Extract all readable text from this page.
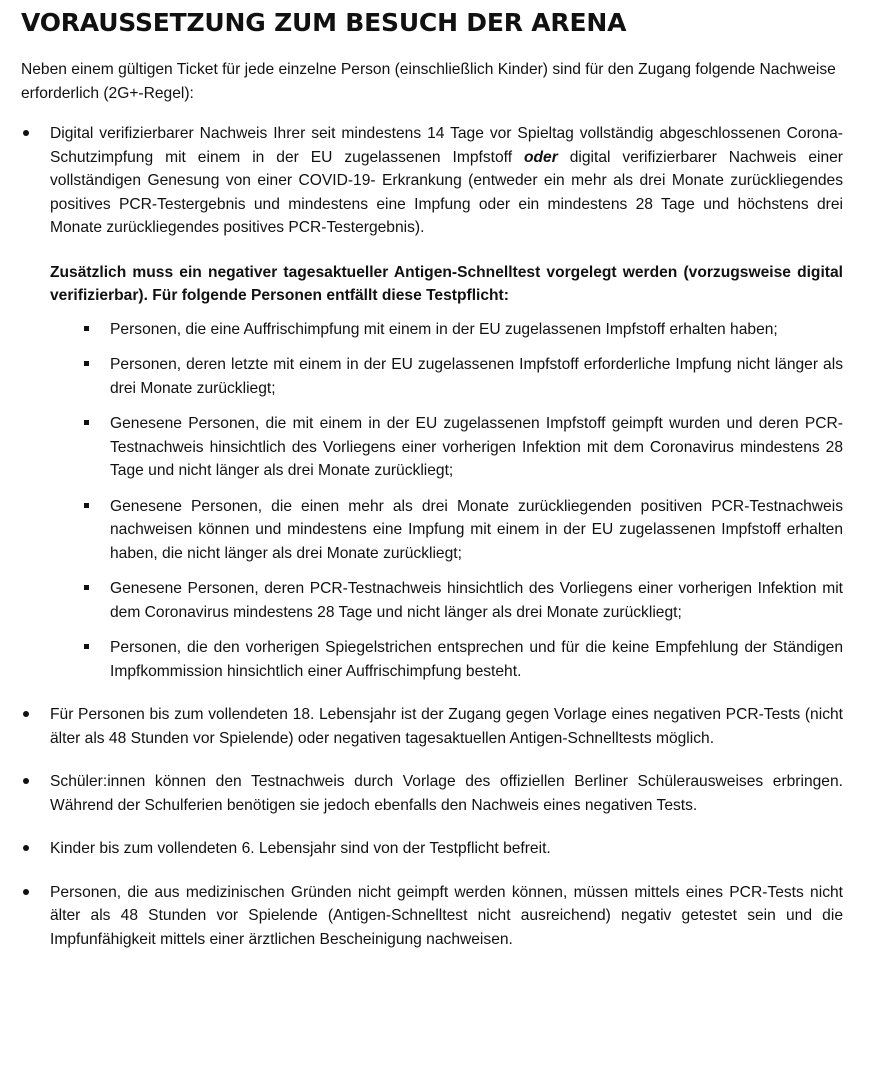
VORAUSSETZUNG ZUM BESUCH DER ARENA

Neben einem gültigen Ticket für jede einzelne Person (einschließlich Kinder) sind für den Zugang folgende Nachweise erforderlich (2G+-Regel):

Digital verifizierbarer Nachweis Ihrer seit mindestens 14 Tage vor Spieltag vollständig abgeschlossenen Corona-Schutzimpfung mit einem in der EU zugelassenen Impfstoff oder digital verifizierbarer Nachweis einer vollständigen Genesung von einer COVID-19- Erkrankung (entweder ein mehr als drei Monate zurückliegendes positives PCR-Testergebnis und mindestens eine Impfung oder ein mindestens 28 Tage und höchstens drei Monate zurückliegendes positives PCR-Testergebnis).

Zusätzlich muss ein negativer tagesaktueller Antigen-Schnelltest vorgelegt werden (vorzugsweise digital verifizierbar). Für folgende Personen entfällt diese Testpflicht:

Personen, die eine Auffrischimpfung mit einem in der EU zugelassenen Impfstoff erhalten haben;

Personen, deren letzte mit einem in der EU zugelassenen Impfstoff erforderliche Impfung nicht länger als drei Monate zurückliegt;

Genesene Personen, die mit einem in der EU zugelassenen Impfstoff geimpft wurden und deren PCR-Testnachweis hinsichtlich des Vorliegens einer vorherigen Infektion mit dem Coronavirus mindestens 28 Tage und nicht länger als drei Monate zurückliegt;

Genesene Personen, die einen mehr als drei Monate zurückliegenden positiven PCR-Testnachweis nachweisen können und mindestens eine Impfung mit einem in der EU zugelassenen Impfstoff erhalten haben, die nicht länger als drei Monate zurückliegt;

Genesene Personen, deren PCR-Testnachweis hinsichtlich des Vorliegens einer vorherigen Infektion mit dem Coronavirus mindestens 28 Tage und nicht länger als drei Monate zurückliegt;

Personen, die den vorherigen Spiegelstrichen entsprechen und für die keine Empfehlung der Ständigen Impfkommission hinsichtlich einer Auffrischimpfung besteht.

Für Personen bis zum vollendeten 18. Lebensjahr ist der Zugang gegen Vorlage eines negativen PCR-Tests (nicht älter als 48 Stunden vor Spielende) oder negativen tagesaktuellen Antigen-Schnelltests möglich.

Schüler:innen können den Testnachweis durch Vorlage des offiziellen Berliner Schülerausweises erbringen. Während der Schulferien benötigen sie jedoch ebenfalls den Nachweis eines negativen Tests.

Kinder bis zum vollendeten 6. Lebensjahr sind von der Testpflicht befreit.

Personen, die aus medizinischen Gründen nicht geimpft werden können, müssen mittels eines PCR-Tests nicht älter als 48 Stunden vor Spielende (Antigen-Schnelltest nicht ausreichend) negativ getestet sein und die Impfunfähigkeit mittels einer ärztlichen Bescheinigung nachweisen.
